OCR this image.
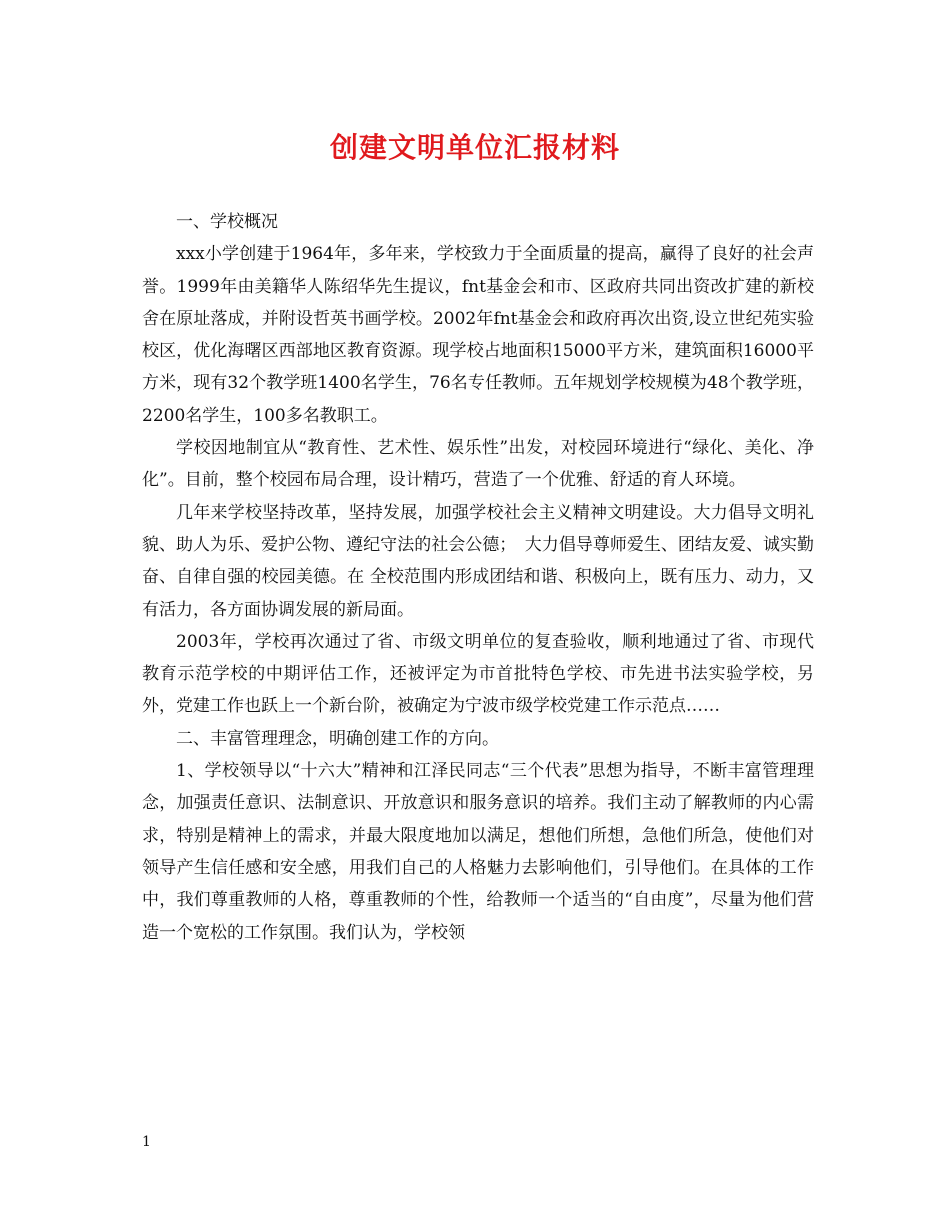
创建文明单位汇报材料

一、学校概况

xxx小学创建于1964年，多年来，学校致力于全面质量的提高，赢得了良好的社会声誉。1999年由美籍华人陈绍华先生提议，fnt基金会和市、区政府共同出资改扩建的新校舍在原址落成，并附设哲英书画学校。2002年fnt基金会和政府再次出资,设立世纪苑实验校区，优化海曙区西部地区教育资源。现学校占地面积15000平方米，建筑面积16000平方米，现有32个教学班1400名学生，76名专任教师。五年规划学校规模为48个教学班，2200名学生，100多名教职工。

学校因地制宜从“教育性、艺术性、娱乐性”出发，对校园环境进行“绿化、美化、净化”。目前，整个校园布局合理，设计精巧，营造了一个优雅、舒适的育人环境。

几年来学校坚持改革，坚持发展，加强学校社会主义精神文明建设。大力倡导文明礼貌、助人为乐、爱护公物、遵纪守法的社会公德；　大力倡导尊师爱生、团结友爱、诚实勤奋、自律自强的校园美德。在 全校范围内形成团结和谐、积极向上，既有压力、动力，又有活力，各方面协调发展的新局面。

2003年，学校再次通过了省、市级文明单位的复查验收，顺利地通过了省、市现代教育示范学校的中期评估工作，还被评定为市首批特色学校、市先进书法实验学校，另外，党建工作也跃上一个新台阶，被确定为宁波市级学校党建工作示范点……

二、丰富管理理念，明确创建工作的方向。

1、学校领导以“十六大”精神和江泽民同志“三个代表”思想为指导，不断丰富管理理念，加强责任意识、法制意识、开放意识和服务意识的培养。我们主动了解教师的内心需求，特别是精神上的需求，并最大限度地加以满足，想他们所想，急他们所急，使他们对领导产生信任感和安全感，用我们自己的人格魅力去影响他们，引导他们。在具体的工作中，我们尊重教师的人格，尊重教师的个性，给教师一个适当的“自由度”，尽量为他们营造一个宽松的工作氛围。我们认为，学校领

1
